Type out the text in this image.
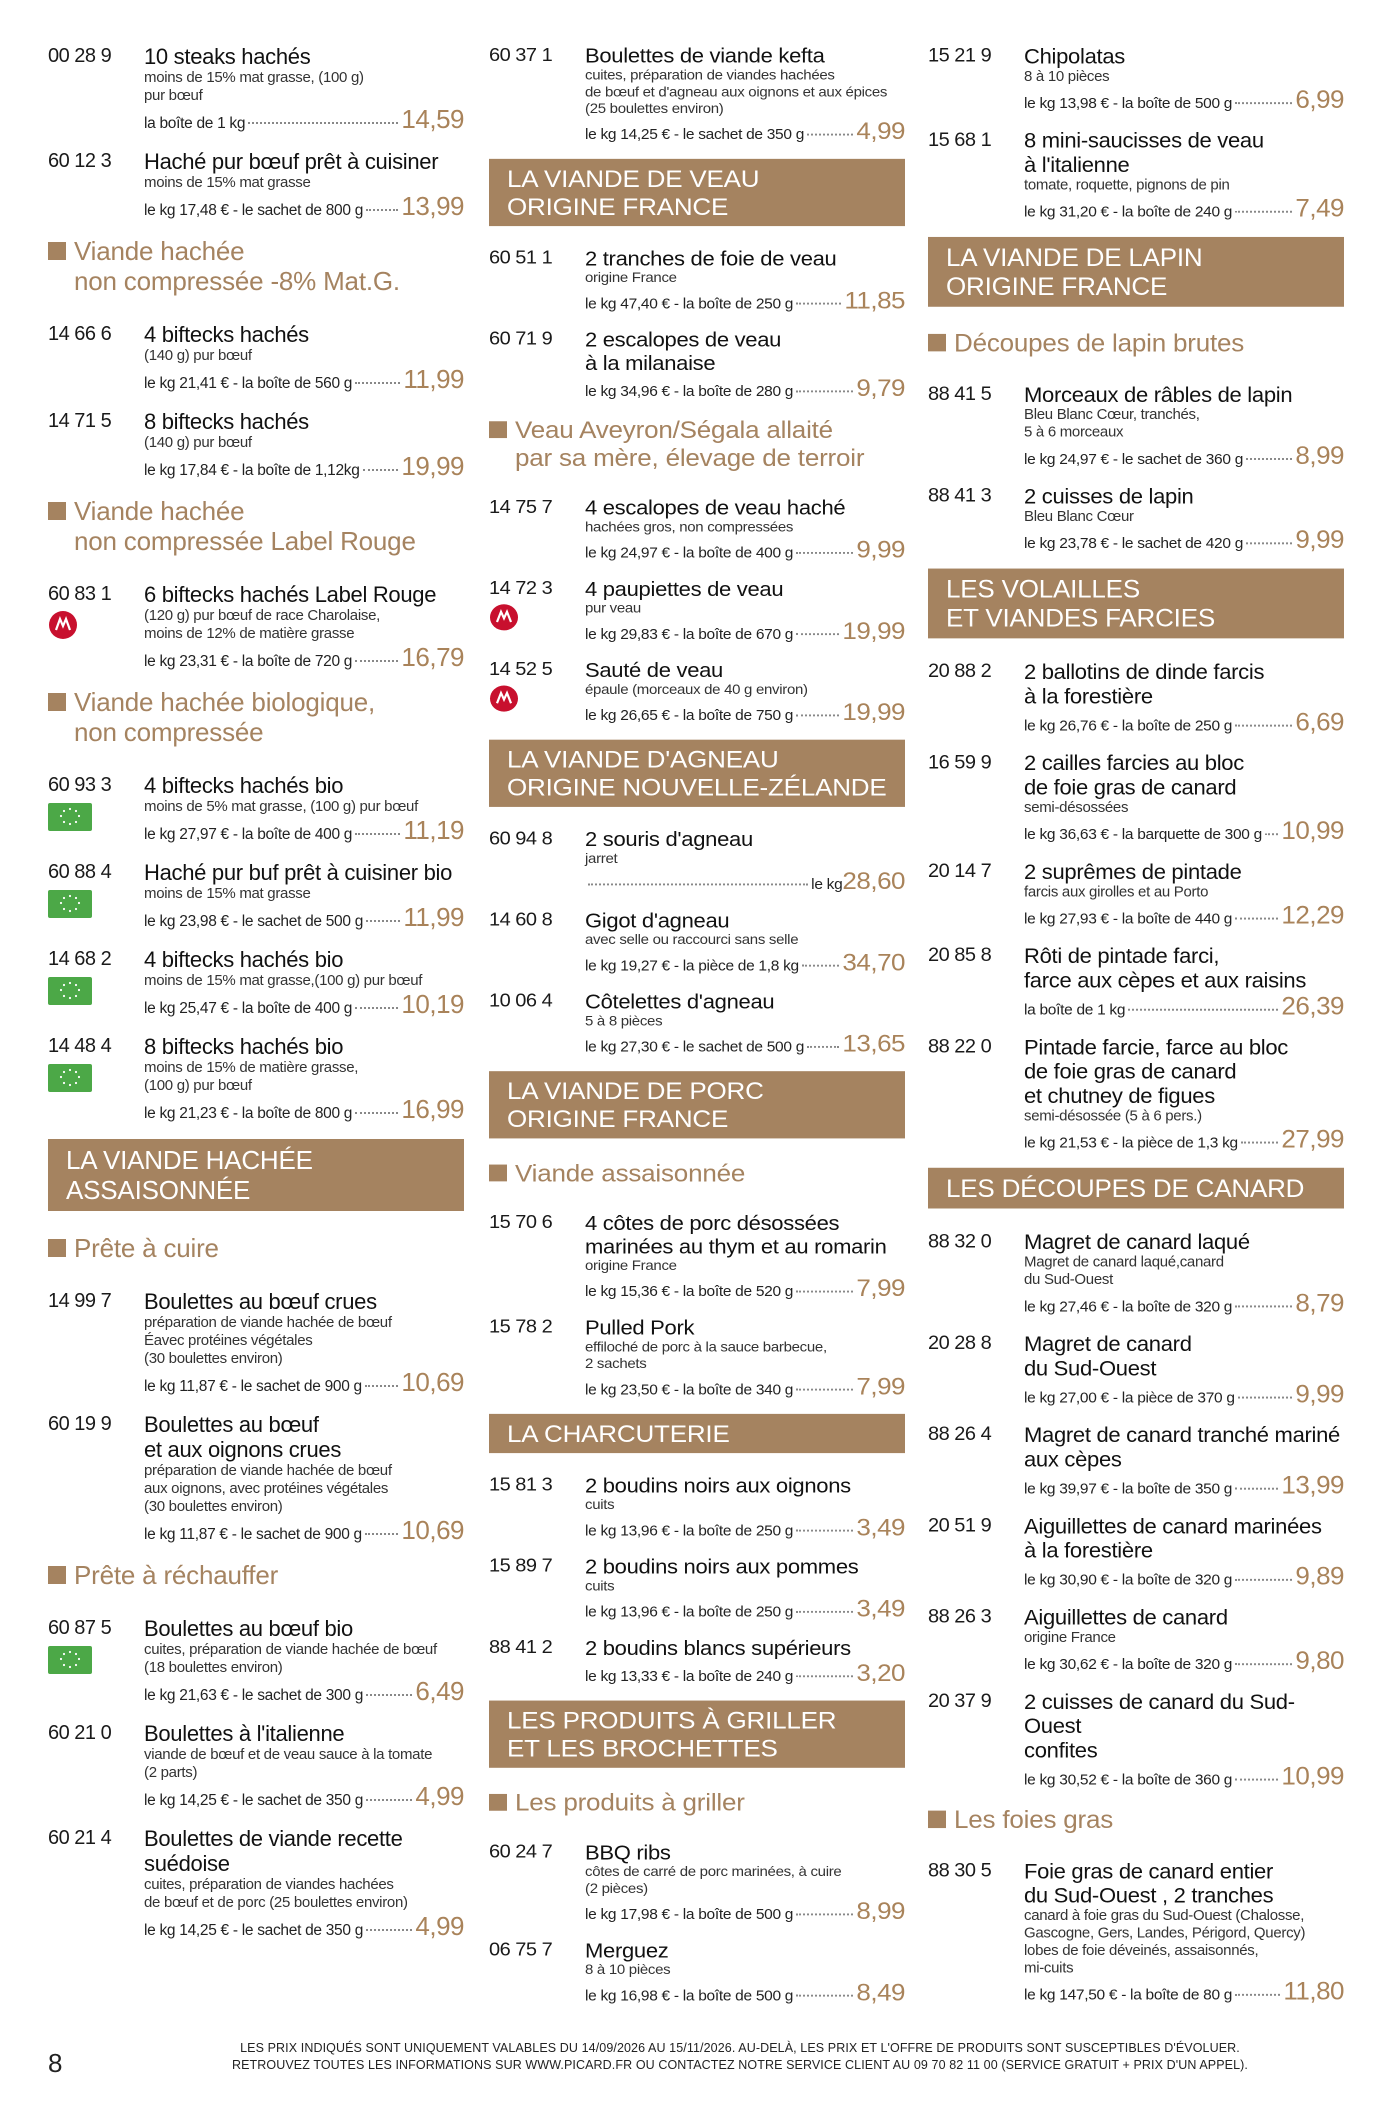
00 28 9	10 steaks hachés
moins de 15% mat grasse, (100 g)
pur bœuf
la boîte de 1 kg	14,59
60 12 3	Haché pur bœuf prêt à cuisiner
moins de 15% mat grasse
le kg 17,48 € - le sachet de 800 g 13,99
Viande hachée
non compressée -8% Mat.G.
14 66 6	4 biftecks hachés
(140 g) pur bœuf
le kg 21,41 € - la boîte de 560 g 11,99
14 71 5	8 biftecks hachés
(140 g) pur bœuf
le kg 17,84 € - la boîte de 1,12kg 19,99
Viande hachée
non compressée Label Rouge
60 83 1	6 biftecks hachés Label Rouge
(120 g) pur bœuf de race Charolaise,
moins de 12% de matière grasse
le kg 23,31 € - la boîte de 720 g 16,79
Viande hachée biologique,
non compressée
60 93 3	4 biftecks hachés bio
moins de 5% mat grasse, (100 g) pur bœuf
le kg 27,97 € - la boîte de 400 g 11,19
60 88 4	Haché pur buf prêt à cuisiner bio
moins de 15% mat grasse
le kg 23,98 € - le sachet de 500 g 11,99
14 68 2	4 biftecks hachés bio
moins de 15% mat grasse,(100 g) pur bœuf
le kg 25,47 € - la boîte de 400 g 10,19
14 48 4	8 biftecks hachés bio
moins de 15% de matière grasse,
(100 g) pur bœuf
le kg 21,23 € - la boîte de 800 g 16,99
LA VIANDE HACHÉE
ASSAISONNÉE
Prête à cuire
14 99 7	Boulettes au bœuf crues
préparation de viande hachée de bœuf
Éavec protéines végétales
(30 boulettes environ)
le kg 11,87 € - le sachet de 900 g 10,69
60 19 9	Boulettes au bœuf
et aux oignons crues
préparation de viande hachée de bœuf
aux oignons, avec protéines végétales
(30 boulettes environ)
le kg 11,87 € - le sachet de 900 g 10,69
Prête à réchauffer
60 87 5	Boulettes au bœuf bio
cuites, préparation de viande hachée de bœuf
(18 boulettes environ)
le kg 21,63 € - le sachet de 300 g 6,49
60 21 0	Boulettes à l'italienne
viande de bœuf et de veau sauce à la tomate
(2 parts)
le kg 14,25 € - le sachet de 350 g 4,99
60 21 4	Boulettes de viande recette
suédoise
cuites, préparation de viandes hachées
de bœuf et de porc (25 boulettes environ)
le kg 14,25 € - le sachet de 350 g 4,99
60 37 1	Boulettes de viande kefta
cuites, préparation de viandes hachées
de bœuf et d'agneau aux oignons et aux épices
(25 boulettes environ)
le kg 14,25 € - le sachet de 350 g 4,99
LA VIANDE DE VEAU
ORIGINE FRANCE
60 51 1	2 tranches de foie de veau
origine France
le kg 47,40 € - la boîte de 250 g 11,85
60 71 9	2 escalopes de veau
à la milanaise
le kg 34,96 € - la boîte de 280 g 9,79
Veau Aveyron/Ségala allaité
par sa mère, élevage de terroir
14 75 7	4 escalopes de veau haché
hachées gros, non compressées
le kg 24,97 € - la boîte de 400 g 9,99
14 72 3	4 paupiettes de veau
pur veau
le kg 29,83 € - la boîte de 670 g 19,99
14 52 5	Sauté de veau
épaule (morceaux de 40 g environ)
le kg 26,65 € - la boîte de 750 g 19,99
LA VIANDE D'AGNEAU
ORIGINE NOUVELLE-ZÉLANDE
60 94 8	2 souris d'agneau
jarret
le kg 28,60
14 60 8	Gigot d'agneau
avec selle ou raccourci sans selle
le kg 19,27 € - la pièce de 1,8 kg 34,70
10 06 4	Côtelettes d'agneau
5 à 8 pièces
le kg 27,30 € - le sachet de 500 g 13,65
LA VIANDE DE PORC
ORIGINE FRANCE
Viande assaisonnée
15 70 6	4 côtes de porc désossées
marinées au thym et au romarin
origine France
le kg 15,36 € - la boîte de 520 g 7,99
15 78 2	Pulled Pork
effiloché de porc à la sauce barbecue,
2 sachets
le kg 23,50 € - la boîte de 340 g 7,99
LA CHARCUTERIE
15 81 3	2 boudins noirs aux oignons
cuits
le kg 13,96 € - la boîte de 250 g 3,49
15 89 7	2 boudins noirs aux pommes
cuits
le kg 13,96 € - la boîte de 250 g 3,49
88 41 2	2 boudins blancs supérieurs
le kg 13,33 € - la boîte de 240 g 3,20
LES PRODUITS À GRILLER
ET LES BROCHETTES
Les produits à griller
60 24 7	BBQ ribs
côtes de carré de porc marinées, à cuire
(2 pièces)
le kg 17,98 € - la boîte de 500 g 8,99
06 75 7	Merguez
8 à 10 pièces
le kg 16,98 € - la boîte de 500 g 8,49
15 21 9	Chipolatas
8 à 10 pièces
le kg 13,98 € - la boîte de 500 g 6,99
15 68 1	8 mini-saucisses de veau
à l'italienne
tomate, roquette, pignons de pin
le kg 31,20 € - la boîte de 240 g 7,49
LA VIANDE DE LAPIN
ORIGINE FRANCE
Découpes de lapin brutes
88 41 5	Morceaux de râbles de lapin
Bleu Blanc Cœur, tranchés,
5 à 6 morceaux
le kg 24,97 € - le sachet de 360 g 8,99
88 41 3	2 cuisses de lapin
Bleu Blanc Cœur
le kg 23,78 € - le sachet de 420 g 9,99
LES VOLAILLES
ET VIANDES FARCIES
20 88 2	2 ballotins de dinde farcis
à la forestière
le kg 26,76 € - la boîte de 250 g 6,69
16 59 9	2 cailles farcies au bloc
de foie gras de canard
semi-désossées
le kg 36,63 € - la barquette de 300 g 10,99
20 14 7	2 suprêmes de pintade
farcis aux girolles et au Porto
le kg 27,93 € - la boîte de 440 g 12,29
20 85 8	Rôti de pintade farci,
farce aux cèpes et aux raisins
la boîte de 1 kg	26,39
88 22 0	Pintade farcie, farce au bloc
de foie gras de canard
et chutney de figues
semi-désossée (5 à 6 pers.)
le kg 21,53 € - la pièce de 1,3 kg 27,99
LES DÉCOUPES DE CANARD
88 32 0	Magret de canard laqué
Magret de canard laqué,canard
du Sud-Ouest
le kg 27,46 € - la boîte de 320 g 8,79
20 28 8	Magret de canard
du Sud-Ouest
le kg 27,00 € - la pièce de 370 g 9,99
88 26 4	Magret de canard tranché mariné
aux cèpes
le kg 39,97 € - la boîte de 350 g 13,99
20 51 9	Aiguillettes de canard marinées
à la forestière
le kg 30,90 € - la boîte de 320 g 9,89
88 26 3	Aiguillettes de canard
origine France
le kg 30,62 € - la boîte de 320 g 9,80
20 37 9	2 cuisses de canard du Sud-Ouest
confites
le kg 30,52 € - la boîte de 360 g 10,99
Les foies gras
88 30 5	Foie gras de canard entier
du Sud-Ouest , 2 tranches
canard à foie gras du Sud-Ouest (Chalosse,
Gascogne, Gers, Landes, Périgord, Quercy)
lobes de foie déveinés, assaisonnés,
mi-cuits
le kg 147,50 € - la boîte de 80 g 11,80
8	LES PRIX INDIQUÉS SONT UNIQUEMENT VALABLES DU 14/09/2026 AU 15/11/2026. AU-DELÀ, LES PRIX ET L'OFFRE DE PRODUITS SONT SUSCEPTIBLES D'ÉVOLUER.
RETROUVEZ TOUTES LES INFORMATIONS SUR WWW.PICARD.FR OU CONTACTEZ NOTRE SERVICE CLIENT AU 09 70 82 11 00 (SERVICE GRATUIT + PRIX D'UN APPEL).
